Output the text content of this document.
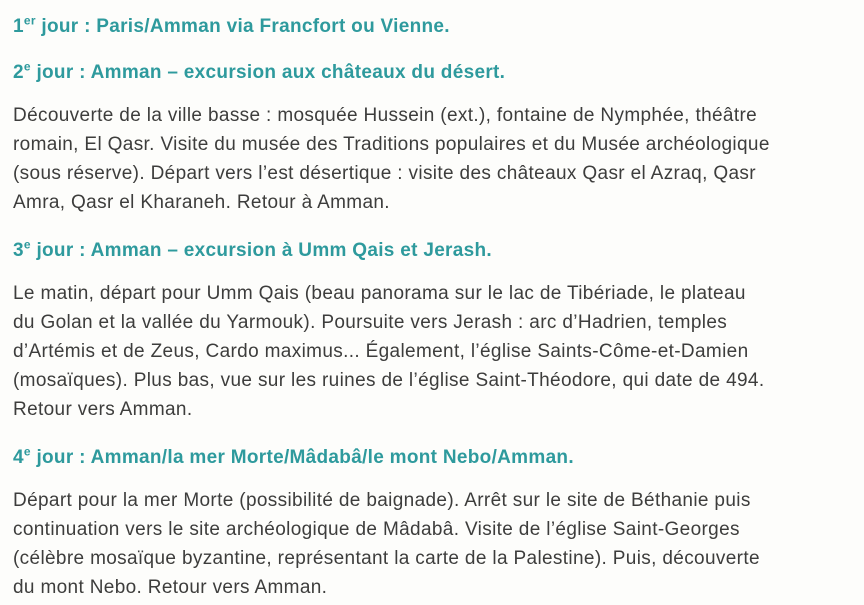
1er jour : Paris/Amman via Francfort ou Vienne.
2e jour : Amman – excursion aux châteaux du désert.

Découverte de la ville basse : mosquée Hussein (ext.), fontaine de Nymphée, théâtre
romain, El Qasr. Visite du musée des Traditions populaires et du Musée archéologique
(sous réserve). Départ vers l’est désertique : visite des châteaux Qasr el Azraq, Qasr
Amra, Qasr el Kharaneh. Retour à Amman.

3e jour : Amman – excursion à Umm Qais et Jerash.

Le matin, départ pour Umm Qais (beau panorama sur le lac de Tibériade, le plateau
du Golan et la vallée du Yarmouk). Poursuite vers Jerash : arc d’Hadrien, temples
d’Artémis et de Zeus, Cardo maximus... Également, l’église Saints-Côme-et-Damien
(mosaïques). Plus bas, vue sur les ruines de l’église Saint-Théodore, qui date de 494.
Retour vers Amman.

4e jour : Amman/la mer Morte/Mâdabâ/le mont Nebo/Amman.

Départ pour la mer Morte (possibilité de baignade). Arrêt sur le site de Béthanie puis
continuation vers le site archéologique de Mâdabâ. Visite de l’église Saint-Georges
(célèbre mosaïque byzantine, représentant la carte de la Palestine). Puis, découverte
du mont Nebo. Retour vers Amman.
